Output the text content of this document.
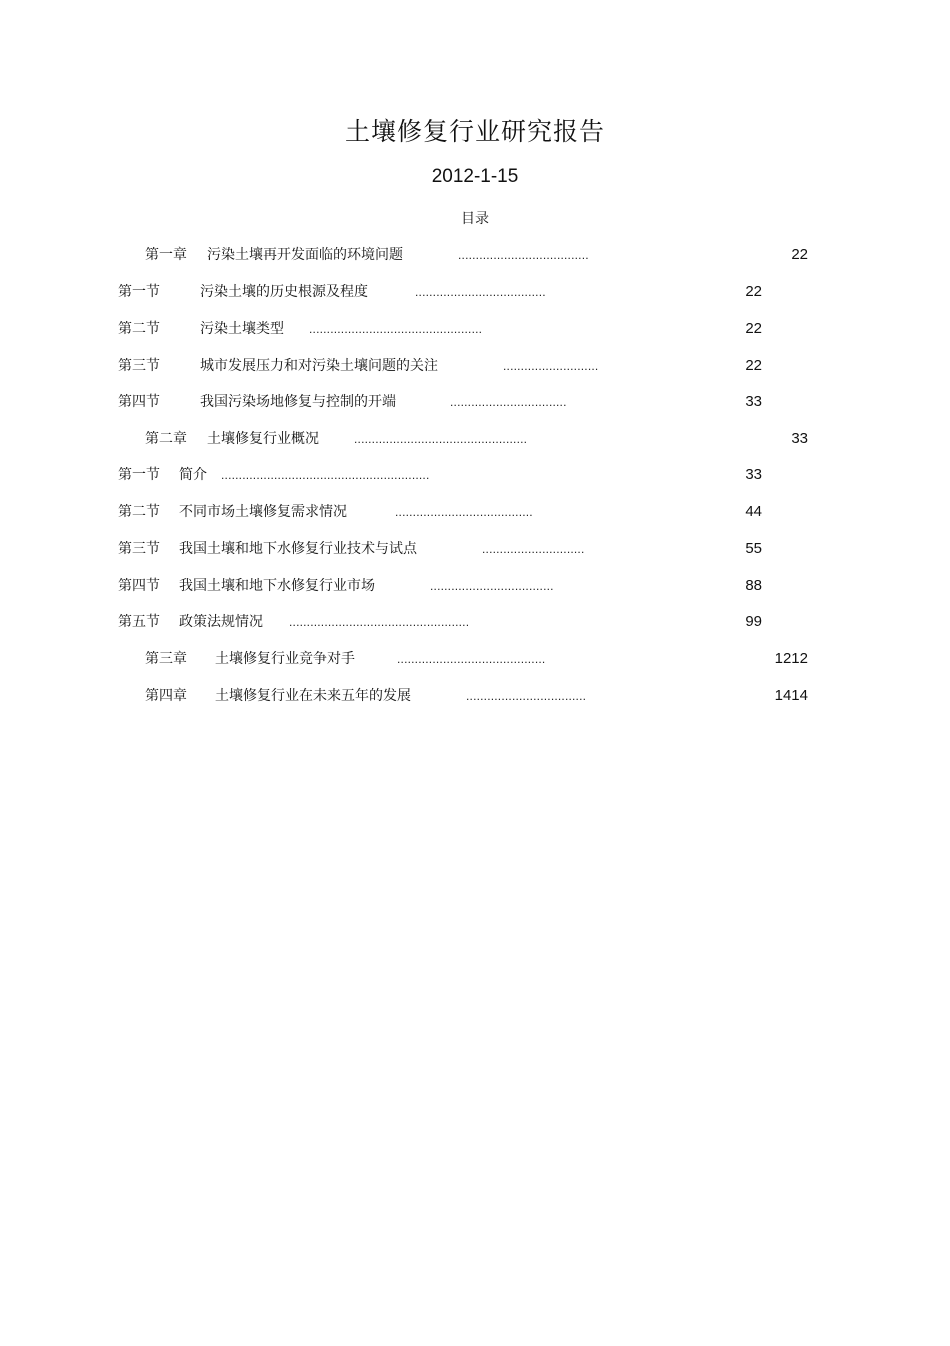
土壤修复行业研究报告
2012-1-15
目录
第一章 污染土壤再开发面临的环境问题	.....................................	22
第一节	污染土壤的历史根源及程度	.....................................	22
第二节	污染土壤类型 .................................................	22
第三节	城市发展压力和对污染土壤问题的关注	...........................	22
第四节	我国污染场地修复与控制的开端	.................................	33
第二章 土壤修复行业概况	.................................................	33
第一节 简介 ...........................................................	33
第二节 不同市场土壤修复需求情况	.......................................	44
第三节 我国土壤和地下水修复行业技术与试点	.............................	55
第四节 我国土壤和地下水修复行业市场	...................................	88
第五节 政策法规情况 ...................................................	99
第三章 土壤修复行业竞争对手	..........................................	1212
第四章 土壤修复行业在未来五年的发展	..................................	1414
